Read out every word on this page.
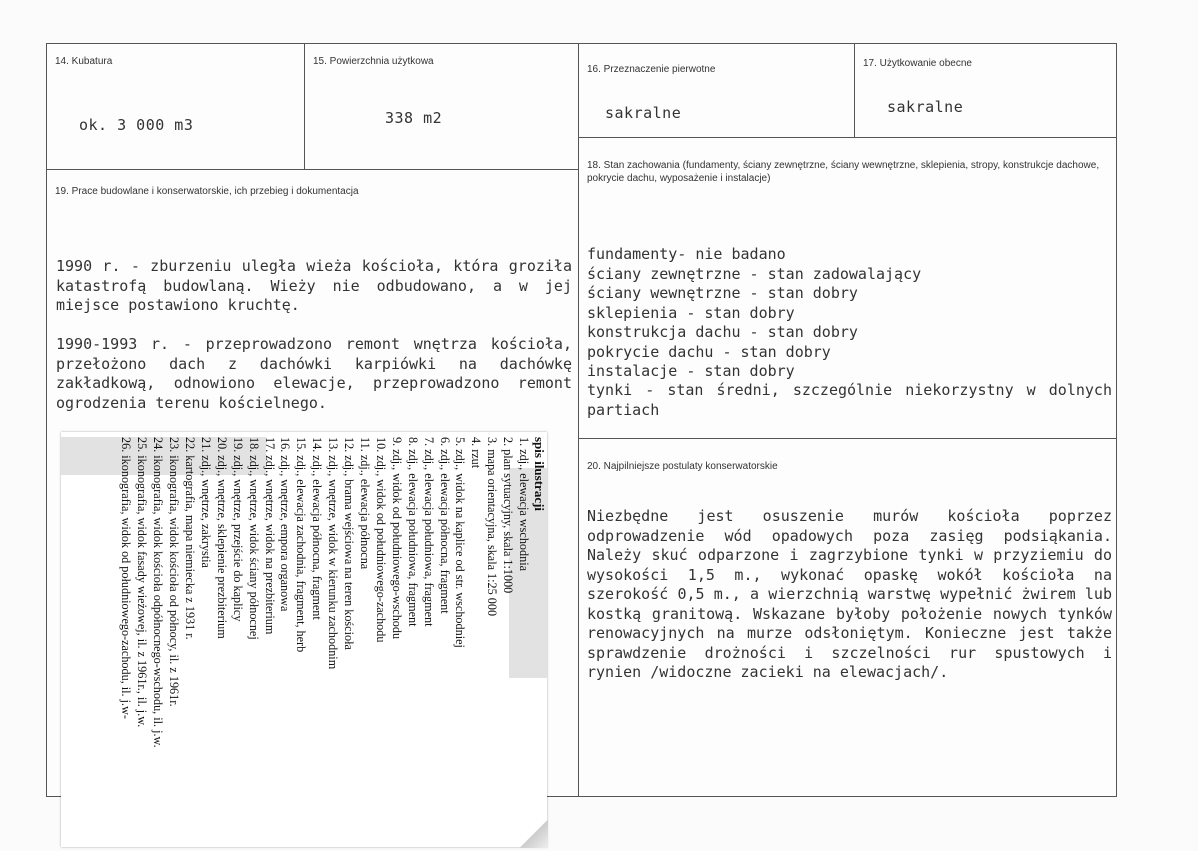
14. Kubatura
ok. 3 000 m3
15. Powierzchnia użytkowa
338 m2
16. Przeznaczenie pierwotne
sakralne
17. Użytkowanie obecne
sakralne
19. Prace budowlane i konserwatorskie, ich przebieg i dokumentacja
1990 r. - zburzeniu uległa wieża kościoła, która groziła katastrofą budowlaną. Wieży nie odbudowano, a w jej miejsce postawiono kruchtę.
1990-1993 r. - przeprowadzono remont wnętrza kościoła, przełożono dach z dachówki karpiówki na dachówkę zakładkową, odnowiono elewacje, przeprowadzono remont ogrodzenia terenu kościelnego.
18. Stan zachowania (fundamenty, ściany zewnętrzne, ściany wewnętrzne, sklepienia, stropy, konstrukcje dachowe, pokrycie dachu, wyposażenie i instalacje)
fundamenty- nie badano
ściany zewnętrzne - stan zadowalający
ściany wewnętrzne - stan dobry
sklepienia - stan dobry
konstrukcja dachu - stan dobry
pokrycie dachu - stan dobry
instalacje - stan dobry
tynki - stan średni, szczególnie niekorzystny w dolnych partiach
20. Najpilniejsze postulaty konserwatorskie
Niezbędne jest osuszenie murów kościoła poprzez odprowadzenie wód opadowych poza zasięg podsiąkania. Należy skuć odparzone i zagrzybione tynki w przyziemiu do wysokości 1,5 m., wykonać opaskę wokół kościoła na szerokość 0,5 m., a wierzchnią warstwę wypełnić żwirem lub kostką granitową. Wskazane byłoby położenie nowych tynków renowacyjnych na murze odsłoniętym. Konieczne jest także sprawdzenie drożności i szczelności rur spustowych i rynien /widoczne zacieki na elewacjach/.
spis ilustracji
1. zdj., elewacja wschodnia
2. plan sytuacyjny, skala 1:1000
3. mapa orientacyjna, skala 1:25 000
4. rzut
5. zdj., widok na kaplice od str. wschodniej
6. zdj., elewacja północna, fragment
7. zdj., elewacja południowa, fragment
8. zdj., elewacja południowa, fragment
9. zdj., widok od południowego-wschodu
10. zdj., widok od południowego-zachodu
11. zdj., elewacja północna
12. zdj., brama wejściowa na teren kościoła
13. zdj., wnętrze, widok w kierunku zachodnim
14. zdj., elewacja północna, fragment
15. zdj., elewacja zachodnia, fragment, herb
16. zdj., wnętrze, empora organowa
17. zdj., wnętrze, widok na prezbiterium
18. zdj., wnętrze, widok ściany północnej
19. zdj., wnętrze, przejście do kaplicy
20. zdj., wnętrze, sklepienie prezbiterium
21. zdj., wnętrze, zakrystia
22. kartografia, mapa niemiecka z 1931 r.
23. ikonografia, widok kościoła od północy, il. z 1961r.
24. ikonografia, widok kościoła odpółnocnego-wschodu, il. j.w.
25. ikonografia, widok fasady wieżowej, il. z 1961r., il. j.w.
26. ikonografia, widok od południowego-zachodu, il. j.w-
